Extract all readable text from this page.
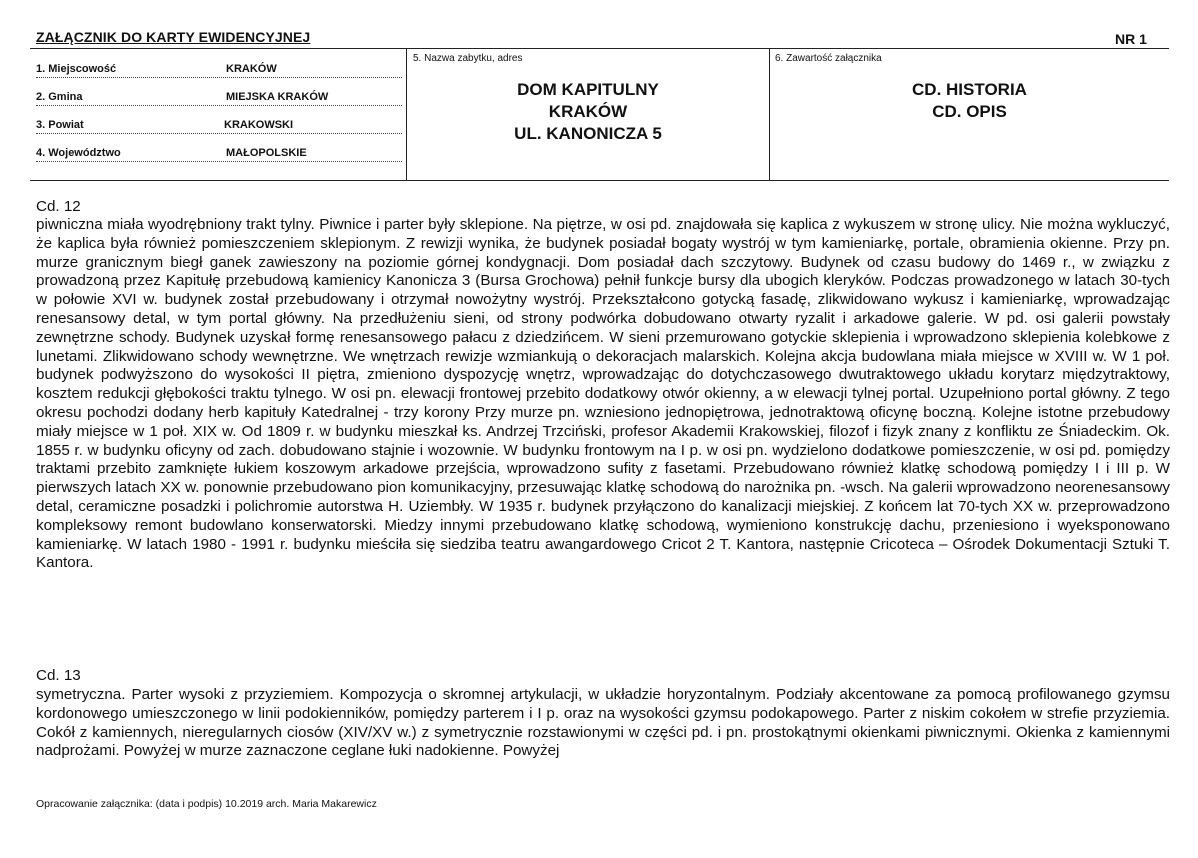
ZAŁĄCZNIK DO KARTY EWIDENCYJNEJ	NR 1
1. Miejscowość	KRAKÓW
2. Gmina	MIEJSKA KRAKÓW
3. Powiat	KRAKOWSKI
4. Województwo	MAŁOPOLSKIE
5. Nazwa zabytku, adres
DOM KAPITULNY
KRAKÓW
UL. KANONICZA 5
6. Zawartość załącznika
CD. HISTORIA
CD. OPIS
Cd. 12

piwniczna miała wyodrębniony trakt tylny. Piwnice i parter były sklepione. Na piętrze, w osi pd. znajdowała się kaplica z wykuszem w stronę ulicy. Nie można wykluczyć, że kaplica była również pomieszczeniem sklepionym. Z rewizji wynika, że budynek posiadał bogaty wystrój w tym kamieniarkę, portale, obramienia okienne. Przy pn. murze granicznym biegł ganek zawieszony na poziomie górnej kondygnacji. Dom posiadał dach szczytowy. Budynek od czasu budowy do 1469 r., w związku z prowadzoną przez Kapitułę przebudową kamienicy Kanonicza 3 (Bursa Grochowa) pełnił funkcje bursy dla ubogich kleryków. Podczas prowadzonego w latach 30-tych w połowie XVI w. budynek został przebudowany i otrzymał nowożytny wystrój. Przekształcono gotycką fasadę, zlikwidowano wykusz i kamieniarkę, wprowadzając renesansowy detal, w tym portal główny. Na przedłużeniu sieni, od strony podwórka dobudowano otwarty ryzalit i arkadowe galerie. W pd. osi galerii powstały zewnętrzne schody. Budynek uzyskał formę renesansowego pałacu z dziedzińcem. W sieni przemurowano gotyckie sklepienia i wprowadzono sklepienia kolebkowe z lunetami. Zlikwidowano schody wewnętrzne. We wnętrzach rewizje wzmiankują o dekoracjach malarskich. Kolejna akcja budowlana miała miejsce w XVIII w. W 1 poł. budynek podwyższono do wysokości II piętra, zmieniono dyspozycję wnętrz, wprowadzając do dotychczasowego dwutraktowego układu korytarz międzytraktowy, kosztem redukcji głębokości traktu tylnego. W osi pn. elewacji frontowej przebito dodatkowy otwór okienny, a w elewacji tylnej portal. Uzupełniono portal główny. Z tego okresu pochodzi dodany herb kapituły Katedralnej - trzy korony Przy murze pn. wzniesiono jednopiętrowa, jednotraktową oficynę boczną. Kolejne istotne przebudowy miały miejsce w 1 poł. XIX w. Od 1809 r. w budynku mieszkał ks. Andrzej Trzciński, profesor Akademii Krakowskiej, filozof i fizyk znany z konfliktu ze Śniadeckim. Ok. 1855 r. w budynku oficyny od zach. dobudowano stajnie i wozownie. W budynku frontowym na I p. w osi pn. wydzielono dodatkowe pomieszczenie, w osi pd. pomiędzy traktami przebito zamknięte łukiem koszowym arkadowe przejścia, wprowadzono sufity z fasetami. Przebudowano również klatkę schodową pomiędzy I i III p. W pierwszych latach XX w. ponownie przebudowano pion komunikacyjny, przesuwając klatkę schodową do narożnika pn. -wsch. Na galerii wprowadzono neorenesansowy detal, ceramiczne posadzki i polichromie autorstwa H. Uziembły. W 1935 r. budynek przyłączono do kanalizacji miejskiej. Z końcem lat 70-tych XX w. przeprowadzono kompleksowy remont budowlano konserwatorski. Miedzy innymi przebudowano klatkę schodową, wymieniono konstrukcję dachu, przeniesiono i wyeksponowano kamieniarkę. W latach 1980 - 1991 r. budynku mieściła się siedziba teatru awangardowego Cricot 2 T. Kantora, następnie Cricoteca – Ośrodek Dokumentacji Sztuki T. Kantora.

Cd. 13

symetryczna. Parter wysoki z przyziemiem. Kompozycja o skromnej artykulacji, w układzie horyzontalnym. Podziały akcentowane za pomocą profilowanego gzymsu kordonowego umieszczonego w linii podokienników, pomiędzy parterem i I p. oraz na wysokości gzymsu podokapowego. Parter z niskim cokołem w strefie przyziemia. Cokół z kamiennych, nieregularnych ciosów (XIV/XV w.) z symetrycznie rozstawionymi w części pd. i pn. prostokątnymi okienkami piwnicznymi. Okienka z kamiennymi nadprożami. Powyżej w murze zaznaczone ceglane łuki nadokienne. Powyżej

Opracowanie załącznika: (data i podpis) 10.2019 arch. Maria Makarewicz
